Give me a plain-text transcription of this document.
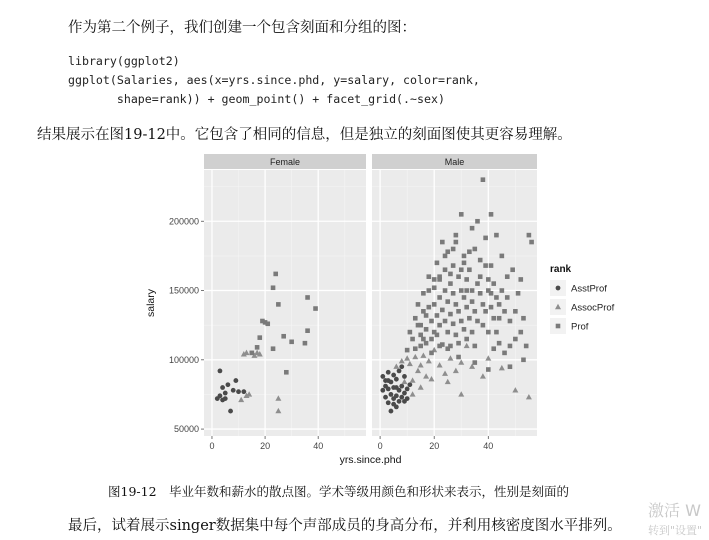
作为第二个例子，我们创建一个包含刻面和分组的图：
library(ggplot2)
ggplot(Salaries, aes(x=yrs.since.phd, y=salary, color=rank,
shape=rank)) + geom_point() + facet_grid(.~sex)
结果展示在图19-12中。它包含了相同的信息，但是独立的刻面图使其更容易理解。
Female	Male
0	20	40	0	20	40
50000
100000
150000
200000
yrs.since.phd
salary
rank
AsstProf
AssocProf
Prof
图19-12　毕业年数和薪水的散点图。学术等级用颜色和形状来表示，性别是刻面的
最后，试着展示singer数据集中每个声部成员的身高分布，并利用核密度图水平排列。
激活 W
转到"设置"
